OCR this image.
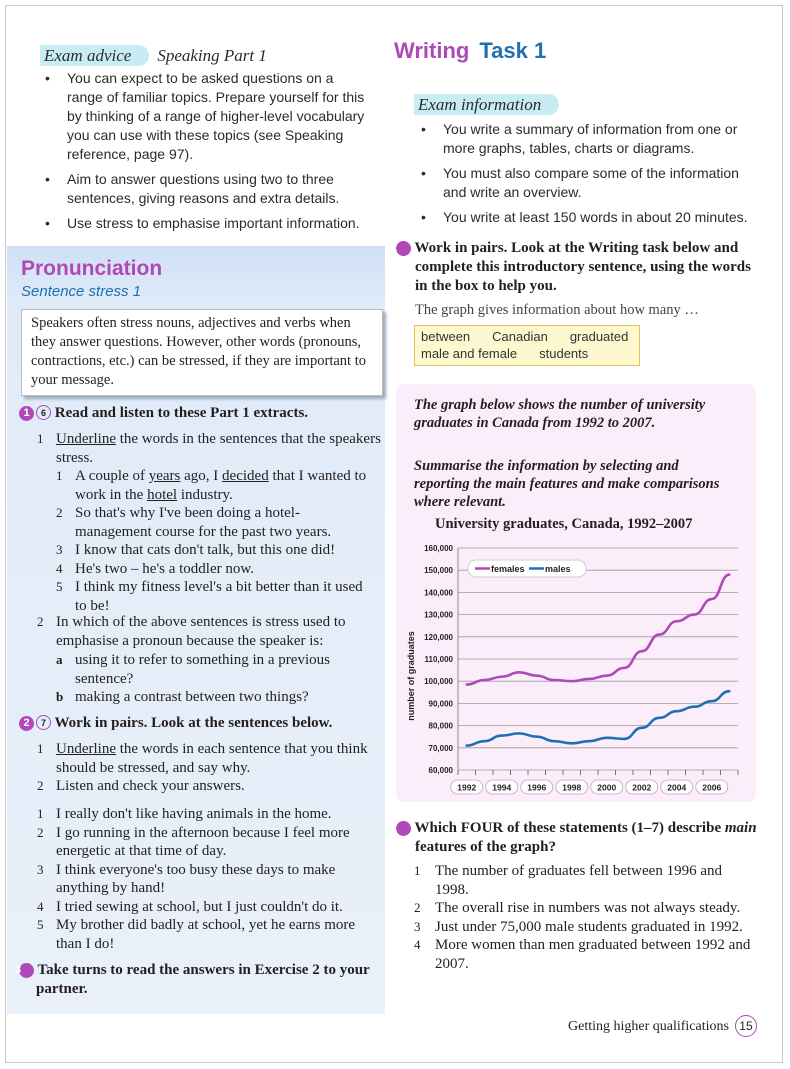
Exam advice Speaking Part 1
• You can expect to be asked questions on a range of familiar topics. Prepare yourself for this by thinking of a range of higher-level vocabulary you can use with these topics (see Speaking reference, page 97).
• Aim to answer questions using two to three sentences, giving reasons and extra details.
• Use stress to emphasise important information.
Pronunciation
Sentence stress 1
Speakers often stress nouns, adjectives and verbs when they answer questions. However, other words (pronouns, contractions, etc.) can be stressed, if they are important to your message.
1 6 Read and listen to these Part 1 extracts.
1 Underline the words in the sentences that the speakers stress.
1 A couple of years ago, I decided that I wanted to work in the hotel industry.
2 So that's why I've been doing a hotel-management course for the past two years.
3 I know that cats don't talk, but this one did!
4 He's two – he's a toddler now.
5 I think my fitness level's a bit better than it used to be!
2 In which of the above sentences is stress used to emphasise a pronoun because the speaker is:
a using it to refer to something in a previous sentence?
b making a contrast between two things?
2 7 Work in pairs. Look at the sentences below.
1 Underline the words in each sentence that you think should be stressed, and say why.
2 Listen and check your answers.
1 I really don't like having animals in the home.
2 I go running in the afternoon because I feel more energetic at that time of day.
3 I think everyone's too busy these days to make anything by hand!
4 I tried sewing at school, but I just couldn't do it.
5 My brother did badly at school, yet he earns more than I do!
3 Take turns to read the answers in Exercise 2 to your partner.
Writing Task 1
Exam information
• You write a summary of information from one or more graphs, tables, charts or diagrams.
• You must also compare some of the information and write an overview.
• You write at least 150 words in about 20 minutes.
1 Work in pairs. Look at the Writing task below and complete this introductory sentence, using the words in the box to help you.
The graph gives information about how many …
between Canadian graduated
male and female students
The graph below shows the number of university graduates in Canada from 1992 to 2007.
Summarise the information by selecting and reporting the main features and make comparisons where relevant.
University graduates, Canada, 1992–2007
60,000
70,000
80,000
90,000
100,000
110,000
120,000
130,000
140,000
150,000
160,000
1992 1994 1996 1998 2000 2002 2004 2006
number of graduates
females males
2 Which FOUR of these statements (1–7) describe main features of the graph?
1 The number of graduates fell between 1996 and 1998.
2 The overall rise in numbers was not always steady.
3 Just under 75,000 male students graduated in 1992.
4 More women than men graduated between 1992 and 2007.
Getting higher qualifications 15
